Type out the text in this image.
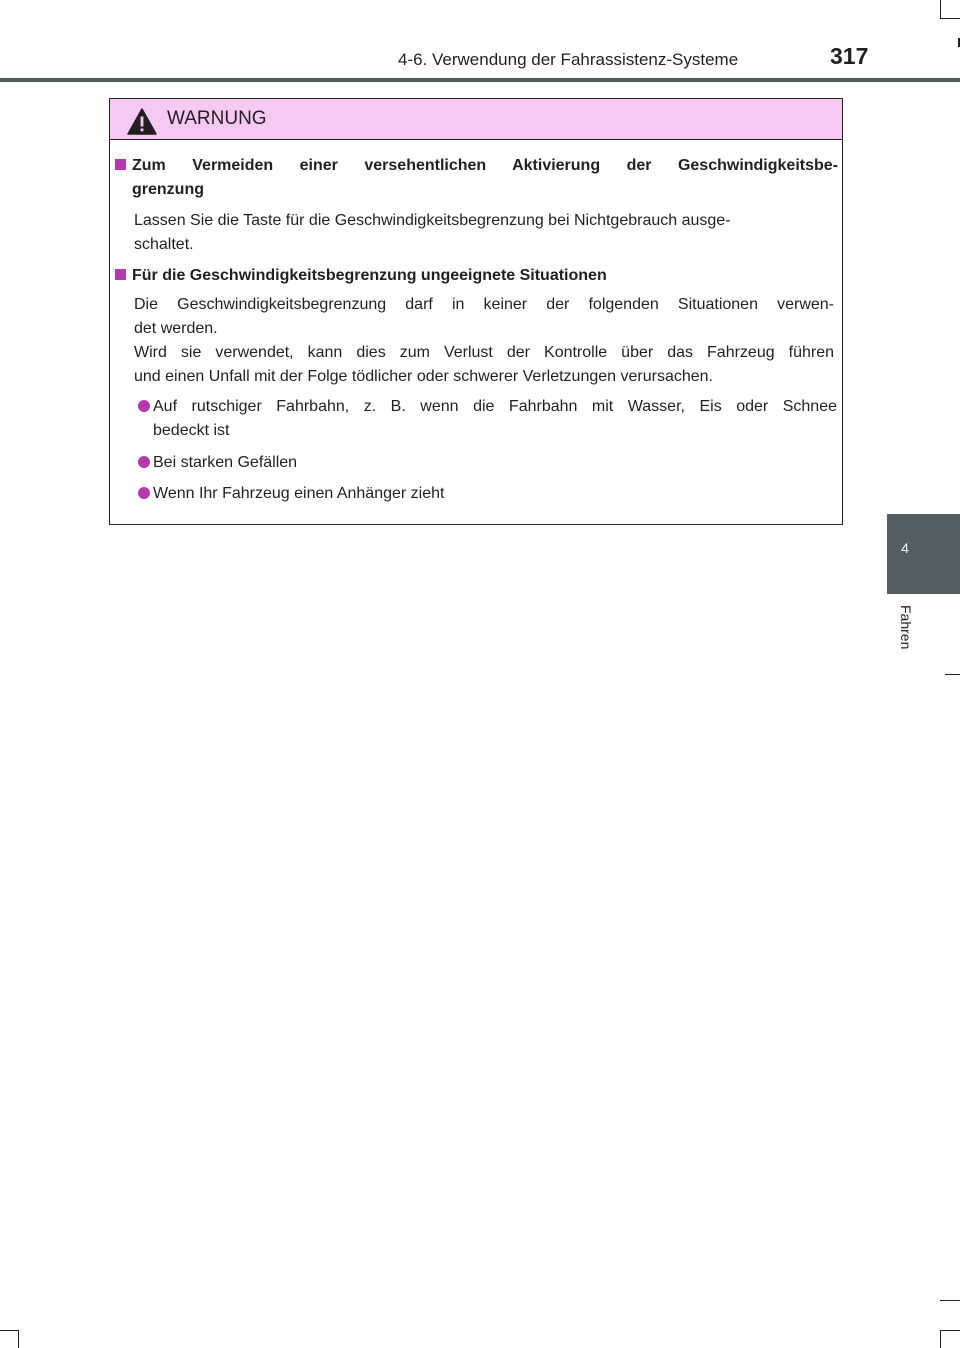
4-6. Verwendung der Fahrassistenz-Systeme	317
4
Fahren
WARNUNG
Zum Vermeiden einer versehentlichen Aktivierung der Geschwindigkeitsbe-
grenzung
Lassen Sie die Taste für die Geschwindigkeitsbegrenzung bei Nichtgebrauch ausge-
schaltet.
Für die Geschwindigkeitsbegrenzung ungeeignete Situationen
Die Geschwindigkeitsbegrenzung darf in keiner der folgenden Situationen verwen-
det werden.
Wird sie verwendet, kann dies zum Verlust der Kontrolle über das Fahrzeug führen
und einen Unfall mit der Folge tödlicher oder schwerer Verletzungen verursachen.
Auf rutschiger Fahrbahn, z. B. wenn die Fahrbahn mit Wasser, Eis oder Schnee
bedeckt ist
Bei starken Gefällen
Wenn Ihr Fahrzeug einen Anhänger zieht
